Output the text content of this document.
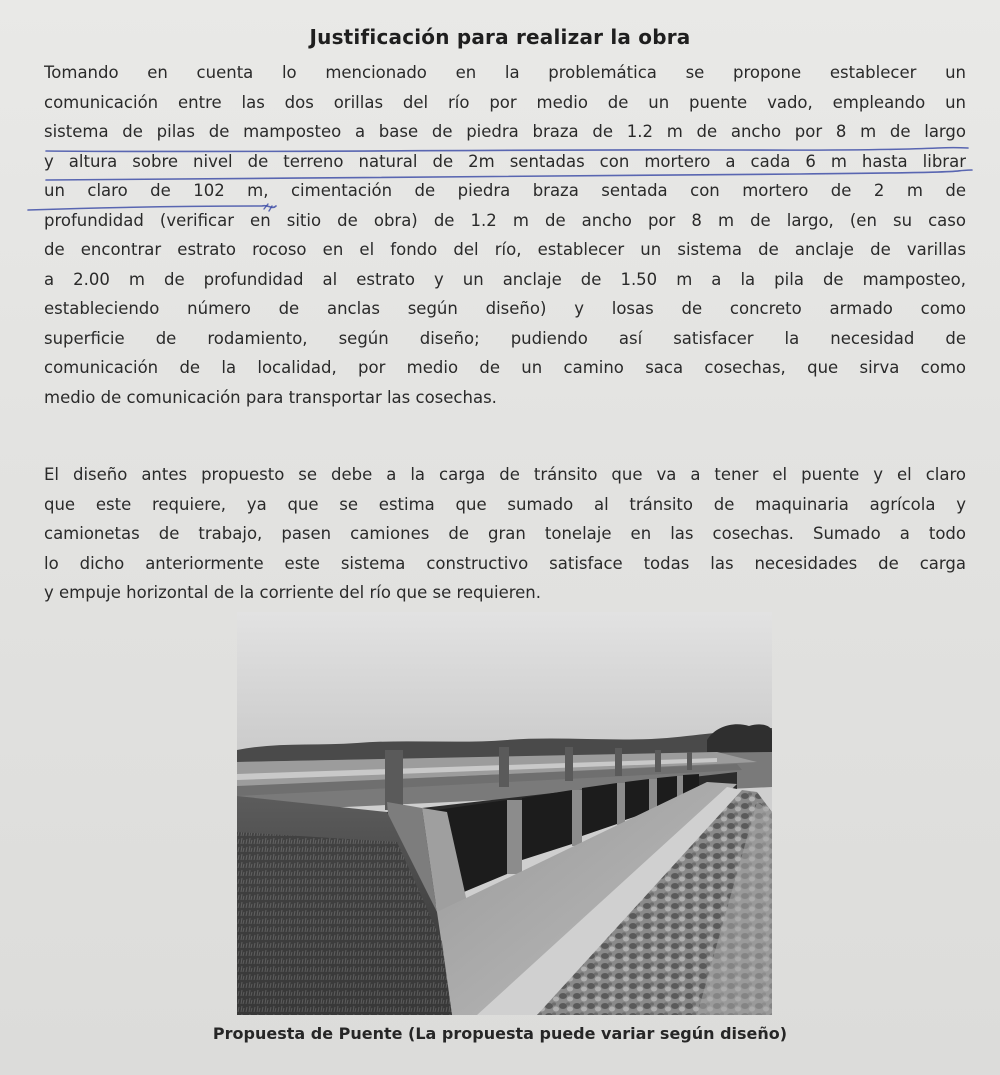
Justificación para realizar la obra
Tomando en cuenta lo mencionado en la problemática se propone establecer un
comunicación entre las dos orillas del río por medio de un puente vado, empleando un
sistema de pilas de mamposteo a base de piedra braza de 1.2 m de ancho por 8 m de largo
y altura sobre nivel de terreno natural de 2m sentadas con mortero a cada 6 m hasta librar
un claro de 102 m, cimentación de piedra braza sentada con mortero de 2 m de
profundidad (verificar en sitio de obra) de 1.2 m de ancho por 8 m de largo, (en su caso
de encontrar estrato rocoso en el fondo del río, establecer un sistema de anclaje de varillas
a 2.00 m de profundidad al estrato y un anclaje de 1.50 m a la pila de mamposteo,
estableciendo número de anclas según diseño) y losas de concreto armado como
superficie de rodamiento, según diseño; pudiendo así satisfacer la necesidad de
comunicación de la localidad, por medio de un camino saca cosechas, que sirva como
medio de comunicación para transportar las cosechas.
El diseño antes propuesto se debe a la carga de tránsito que va a tener el puente y el claro
que este requiere, ya que se estima que sumado al tránsito de maquinaria agrícola y
camionetas de trabajo, pasen camiones de gran tonelaje en las cosechas. Sumado a todo
lo dicho anteriormente este sistema constructivo satisface todas las necesidades de carga
y empuje horizontal de la corriente del río que se requieren.
Propuesta de Puente (La propuesta puede variar según diseño)
